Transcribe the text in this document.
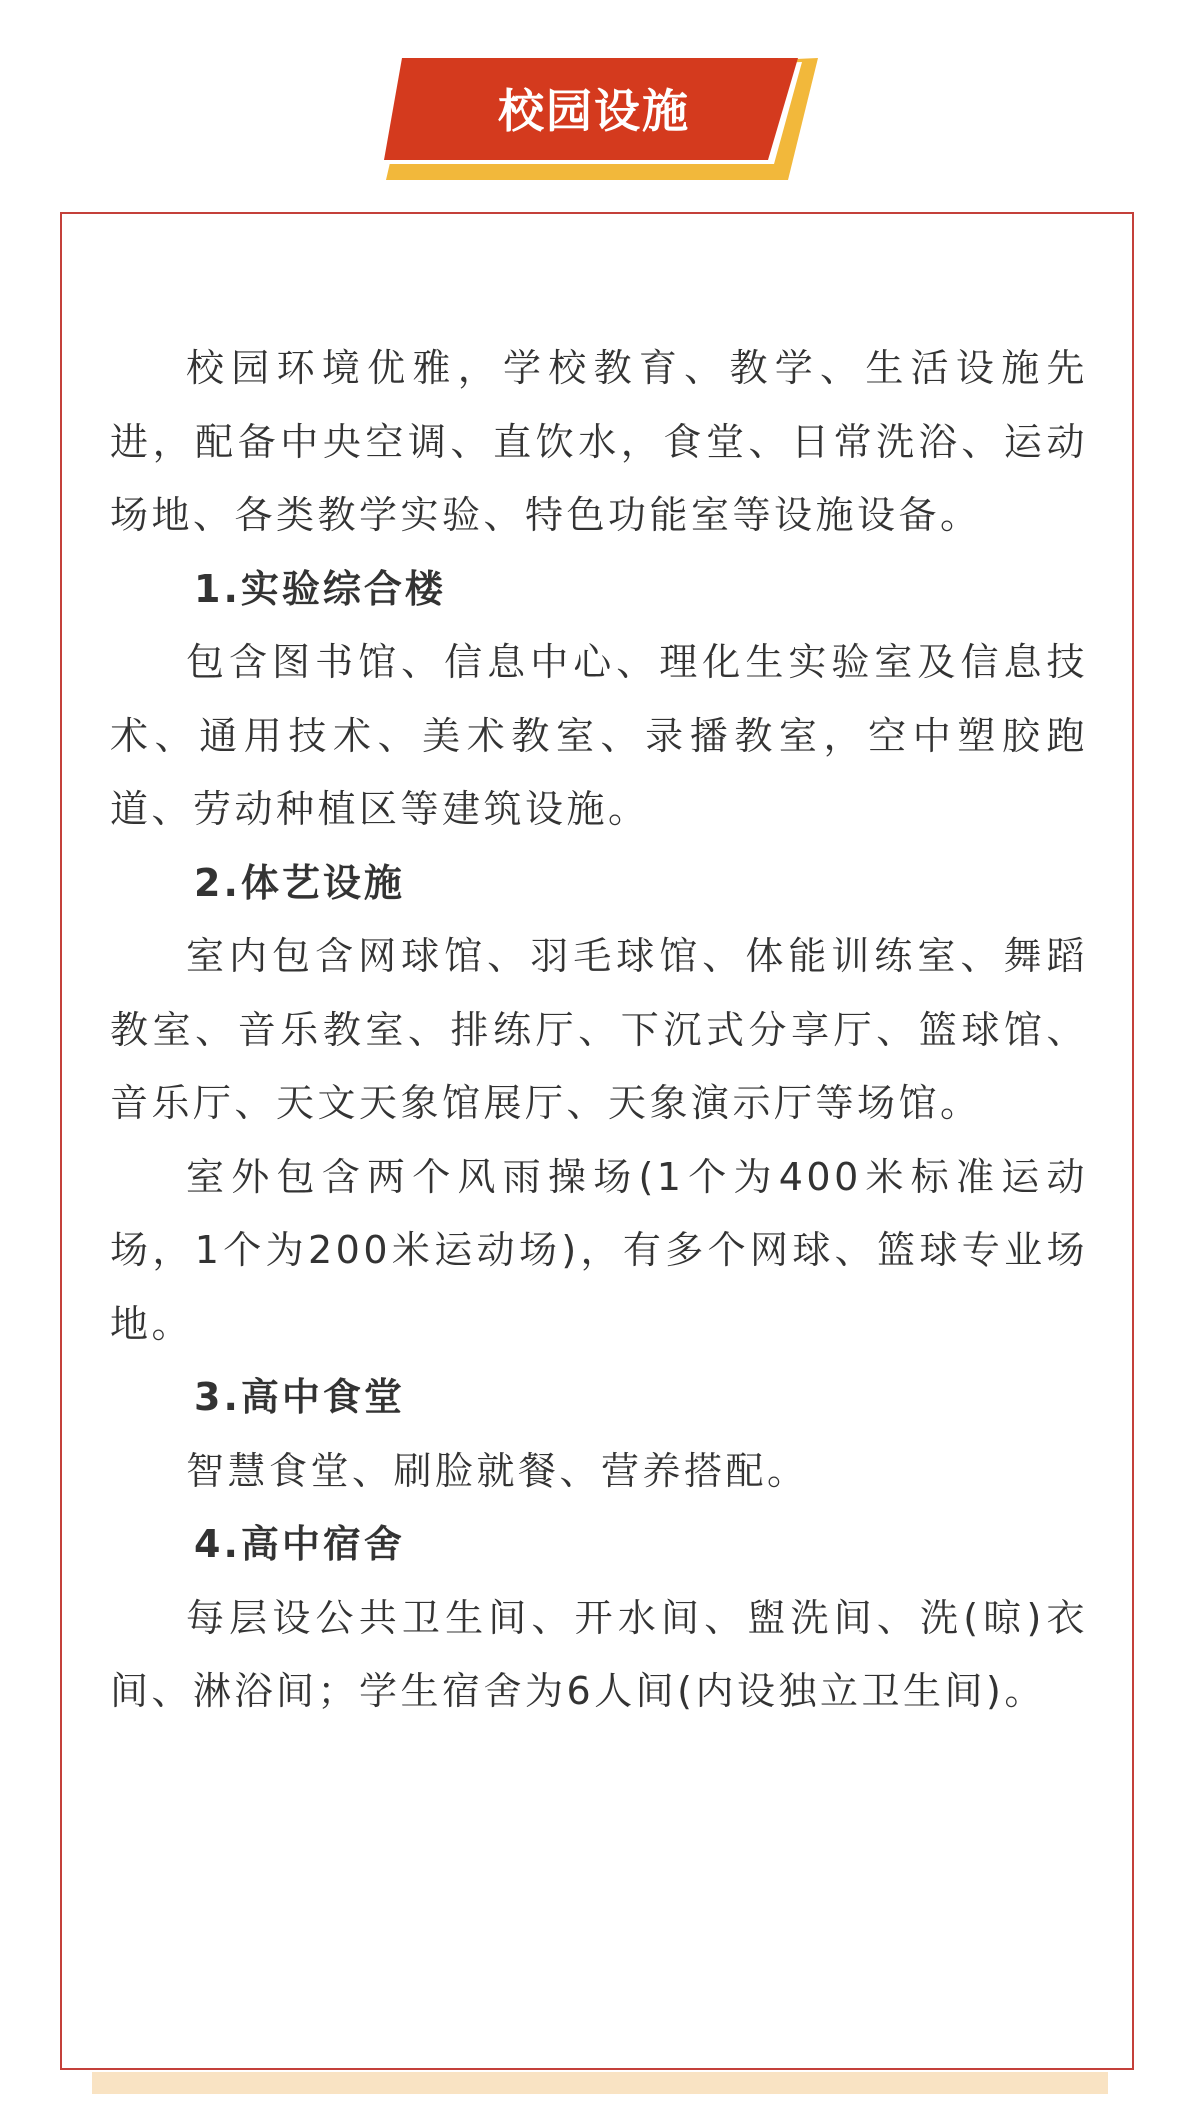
校园设施

校园环境优雅，学校教育、教学、生活设施先进，配备中央空调、直饮水，食堂、日常洗浴、运动场地、各类教学实验、特色功能室等设施设备。

1.实验综合楼

包含图书馆、信息中心、理化生实验室及信息技术、通用技术、美术教室、录播教室，空中塑胶跑道、劳动种植区等建筑设施。

2.体艺设施

室内包含网球馆、羽毛球馆、体能训练室、舞蹈教室、音乐教室、排练厅、下沉式分享厅、篮球馆、音乐厅、天文天象馆展厅、天象演示厅等场馆。

室外包含两个风雨操场(1个为400米标准运动场，1个为200米运动场)，有多个网球、篮球专业场地。

3.高中食堂

智慧食堂、刷脸就餐、营养搭配。

4.高中宿舍

每层设公共卫生间、开水间、盥洗间、洗(晾)衣间、淋浴间；学生宿舍为6人间(内设独立卫生间)。
